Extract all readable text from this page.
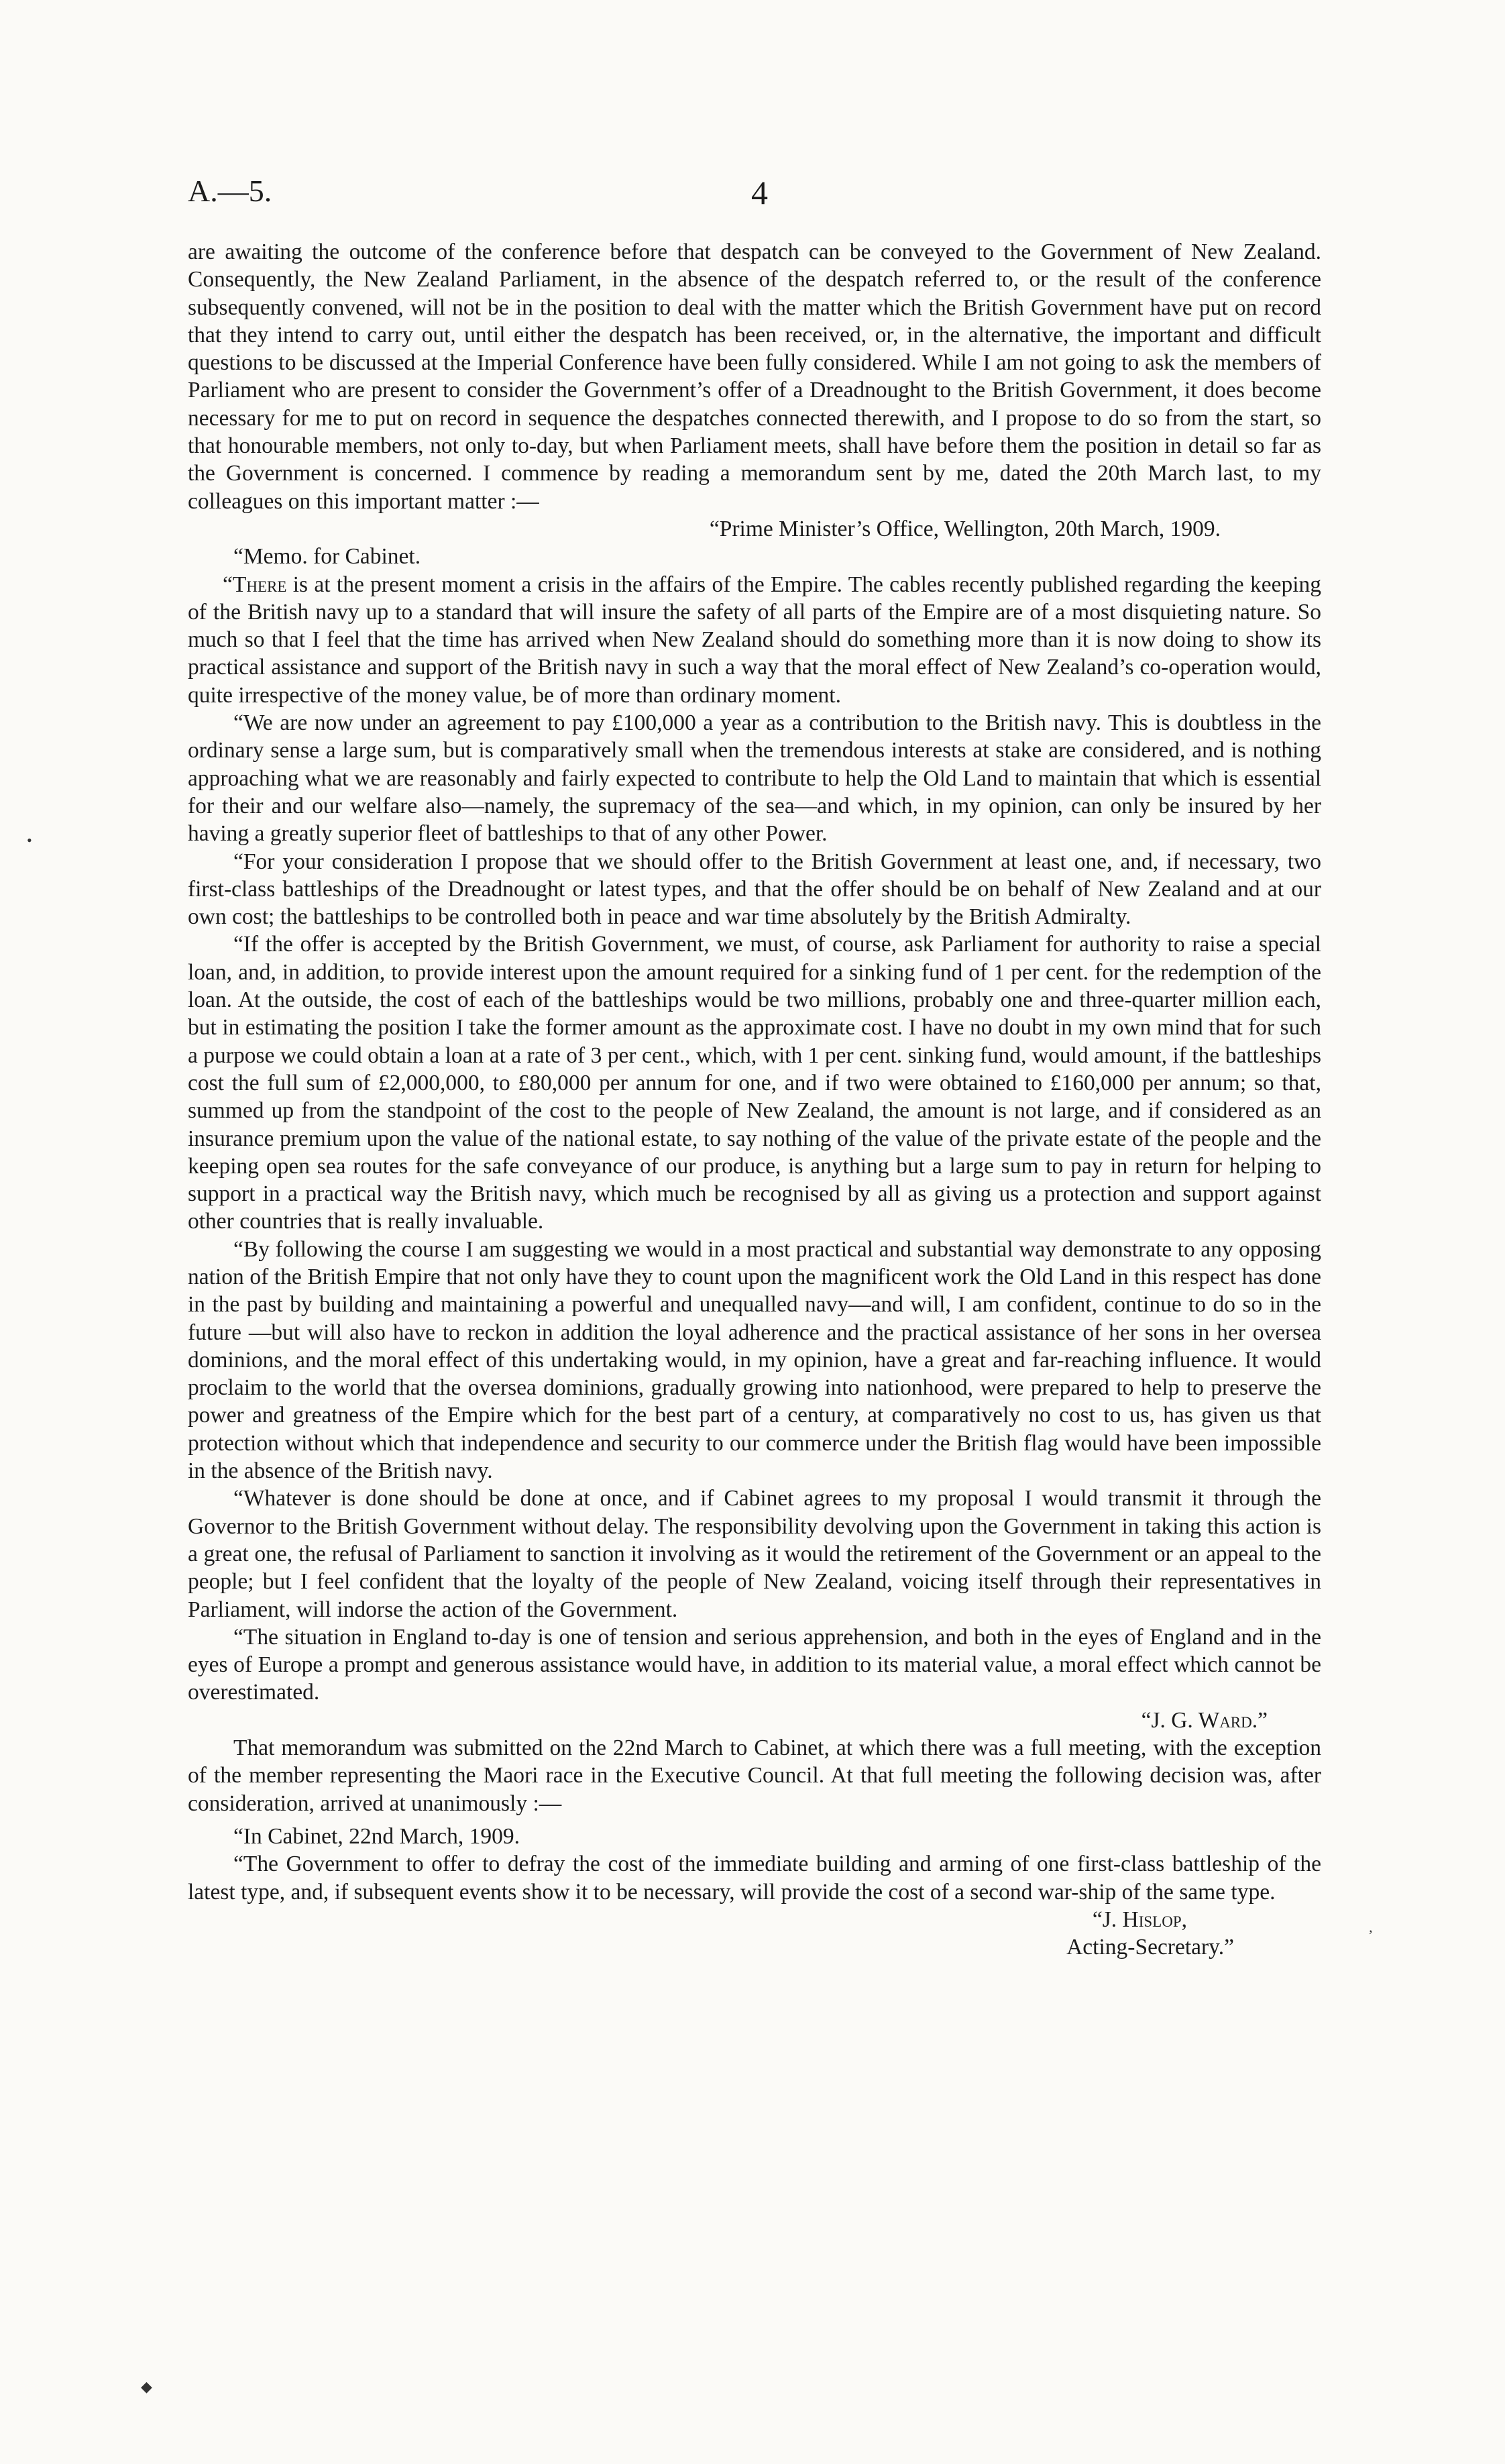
A.—5.	4

are awaiting the outcome of the conference before that despatch can be conveyed to the Government of New Zealand. Consequently, the New Zealand Parliament, in the absence of the despatch referred to, or the result of the conference subsequently convened, will not be in the position to deal with the matter which the British Government have put on record that they intend to carry out, until either the despatch has been received, or, in the alternative, the important and difficult questions to be discussed at the Imperial Conference have been fully considered. While I am not going to ask the members of Parliament who are present to consider the Government’s offer of a Dreadnought to the British Government, it does become necessary for me to put on record in sequence the despatches connected therewith, and I propose to do so from the start, so that honourable members, not only to-day, but when Parliament meets, shall have before them the position in detail so far as the Government is concerned. I commence by reading a memorandum sent by me, dated the 20th March last, to my colleagues on this important matter :—

“Prime Minister’s Office, Wellington, 20th March, 1909.

“Memo. for Cabinet.

“There is at the present moment a crisis in the affairs of the Empire. The cables recently published regarding the keeping of the British navy up to a standard that will insure the safety of all parts of the Empire are of a most disquieting nature. So much so that I feel that the time has arrived when New Zealand should do something more than it is now doing to show its practical assistance and support of the British navy in such a way that the moral effect of New Zealand’s co-operation would, quite irrespective of the money value, be of more than ordinary moment.

“We are now under an agreement to pay £100,000 a year as a contribution to the British navy. This is doubtless in the ordinary sense a large sum, but is comparatively small when the tremendous interests at stake are considered, and is nothing approaching what we are reasonably and fairly expected to contribute to help the Old Land to maintain that which is essential for their and our welfare also—namely, the supremacy of the sea—and which, in my opinion, can only be insured by her having a greatly superior fleet of battleships to that of any other Power.

“For your consideration I propose that we should offer to the British Government at least one, and, if necessary, two first-class battleships of the Dreadnought or latest types, and that the offer should be on behalf of New Zealand and at our own cost; the battleships to be controlled both in peace and war time absolutely by the British Admiralty.

“If the offer is accepted by the British Government, we must, of course, ask Parliament for authority to raise a special loan, and, in addition, to provide interest upon the amount required for a sinking fund of 1 per cent. for the redemption of the loan. At the outside, the cost of each of the battleships would be two millions, probably one and three-quarter million each, but in estimating the position I take the former amount as the approximate cost. I have no doubt in my own mind that for such a purpose we could obtain a loan at a rate of 3 per cent., which, with 1 per cent. sinking fund, would amount, if the battleships cost the full sum of £2,000,000, to £80,000 per annum for one, and if two were obtained to £160,000 per annum; so that, summed up from the standpoint of the cost to the people of New Zealand, the amount is not large, and if considered as an insurance premium upon the value of the national estate, to say nothing of the value of the private estate of the people and the keeping open sea routes for the safe conveyance of our produce, is anything but a large sum to pay in return for helping to support in a practical way the British navy, which much be recognised by all as giving us a protection and support against other countries that is really invaluable.

“By following the course I am suggesting we would in a most practical and substantial way demonstrate to any opposing nation of the British Empire that not only have they to count upon the magnificent work the Old Land in this respect has done in the past by building and maintaining a powerful and unequalled navy—and will, I am confident, continue to do so in the future —but will also have to reckon in addition the loyal adherence and the practical assistance of her sons in her oversea dominions, and the moral effect of this undertaking would, in my opinion, have a great and far-reaching influence. It would proclaim to the world that the oversea dominions, gradually growing into nationhood, were prepared to help to preserve the power and greatness of the Empire which for the best part of a century, at comparatively no cost to us, has given us that protection without which that independence and security to our commerce under the British flag would have been impossible in the absence of the British navy.

“Whatever is done should be done at once, and if Cabinet agrees to my proposal I would transmit it through the Governor to the British Government without delay. The responsibility devolving upon the Government in taking this action is a great one, the refusal of Parliament to sanction it involving as it would the retirement of the Government or an appeal to the people; but I feel confident that the loyalty of the people of New Zealand, voicing itself through their representatives in Parliament, will indorse the action of the Government.

“The situation in England to-day is one of tension and serious apprehension, and both in the eyes of England and in the eyes of Europe a prompt and generous assistance would have, in addition to its material value, a moral effect which cannot be overestimated.

“J. G. Ward.”

That memorandum was submitted on the 22nd March to Cabinet, at which there was a full meeting, with the exception of the member representing the Maori race in the Executive Council. At that full meeting the following decision was, after consideration, arrived at unanimously :—

“In Cabinet, 22nd March, 1909.

“The Government to offer to defray the cost of the immediate building and arming of one first-class battleship of the latest type, and, if subsequent events show it to be necessary, will provide the cost of a second war-ship of the same type.

“J. Hislop,

Acting-Secretary.”

•
‚
◆
